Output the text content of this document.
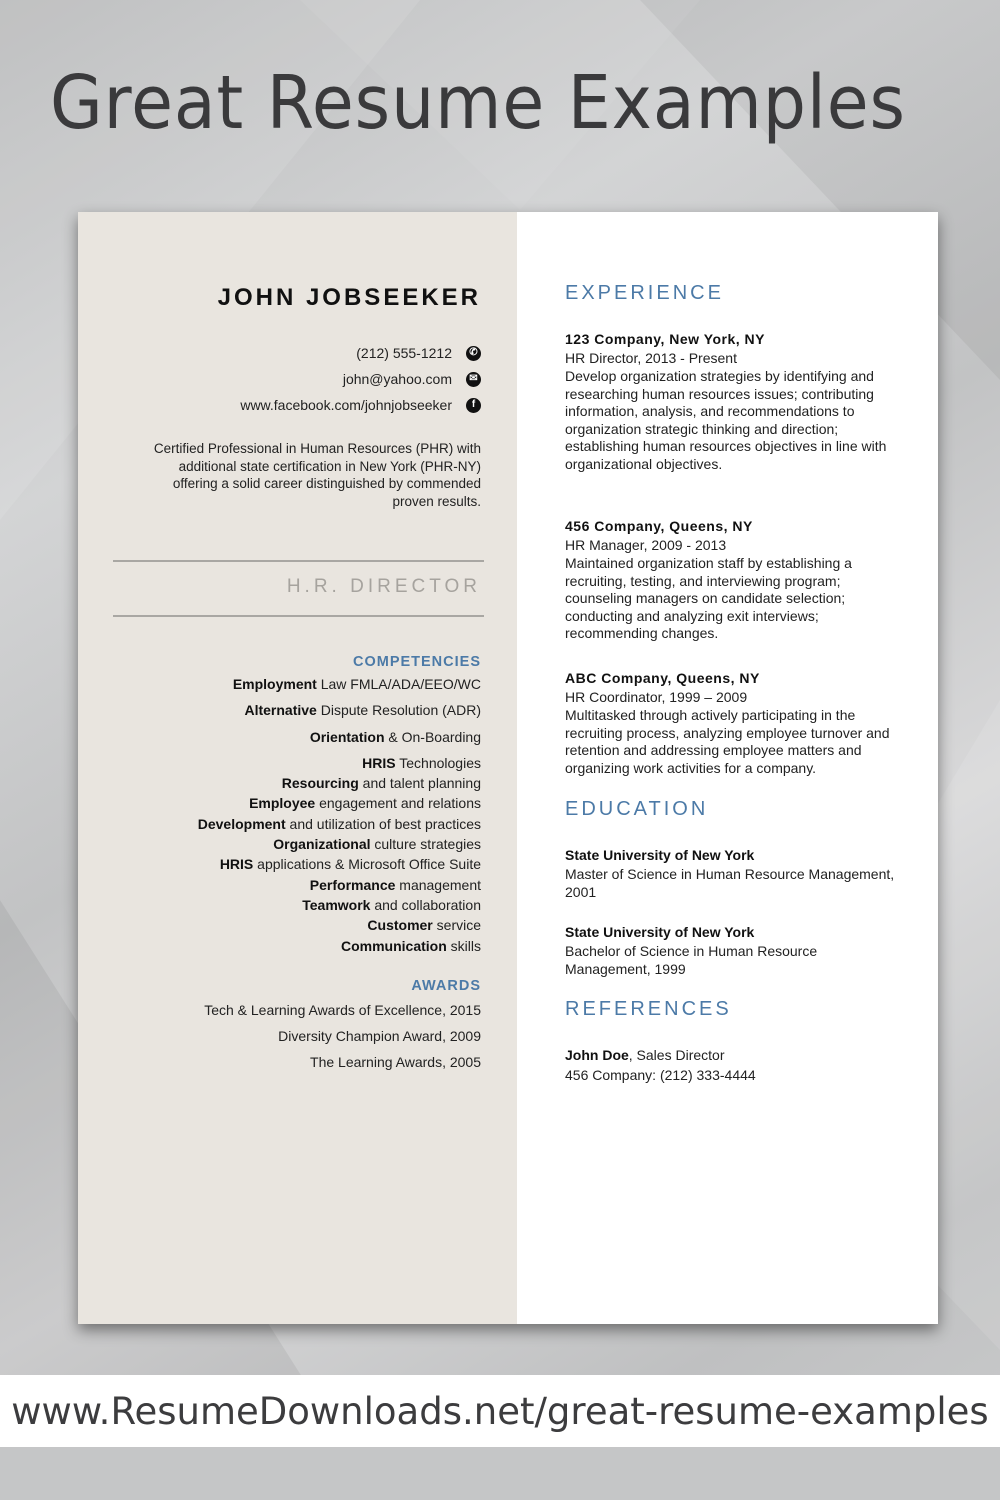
Great Resume Examples
JOHN JOBSEEKER
(212) 555-1212	✆
john@yahoo.com	✉
www.facebook.com/johnjobseeker	f
Certified Professional in Human Resources (PHR) with additional state certification in New York (PHR-NY) offering a solid career distinguished by commended proven results.
H.R. DIRECTOR
COMPETENCIES
Employment Law FMLA/ADA/EEO/WC
Alternative Dispute Resolution (ADR)
Orientation & On-Boarding
HRIS Technologies
Resourcing and talent planning
Employee engagement and relations
Development and utilization of best practices
Organizational culture strategies
HRIS applications & Microsoft Office Suite
Performance management
Teamwork and collaboration
Customer service
Communication skills
AWARDS
Tech & Learning Awards of Excellence, 2015
Diversity Champion Award, 2009
The Learning Awards, 2005
EXPERIENCE
123 Company, New York, NY
HR Director, 2013 - Present
Develop organization strategies by identifying and researching human resources issues; contributing information, analysis, and recommendations to organization strategic thinking and direction; establishing human resources objectives in line with organizational objectives.
456 Company, Queens, NY
HR Manager, 2009 - 2013
Maintained organization staff by establishing a recruiting, testing, and interviewing program; counseling managers on candidate selection; conducting and analyzing exit interviews; recommending changes.
ABC Company, Queens, NY
HR Coordinator, 1999 – 2009
Multitasked through actively participating in the recruiting process, analyzing employee turnover and retention and addressing employee matters and organizing work activities for a company.
EDUCATION
State University of New York
Master of Science in Human Resource Management, 2001
State University of New York
Bachelor of Science in Human Resource Management, 1999
REFERENCES
John Doe, Sales Director
456 Company: (212) 333-4444
www.ResumeDownloads.net/great-resume-examples
